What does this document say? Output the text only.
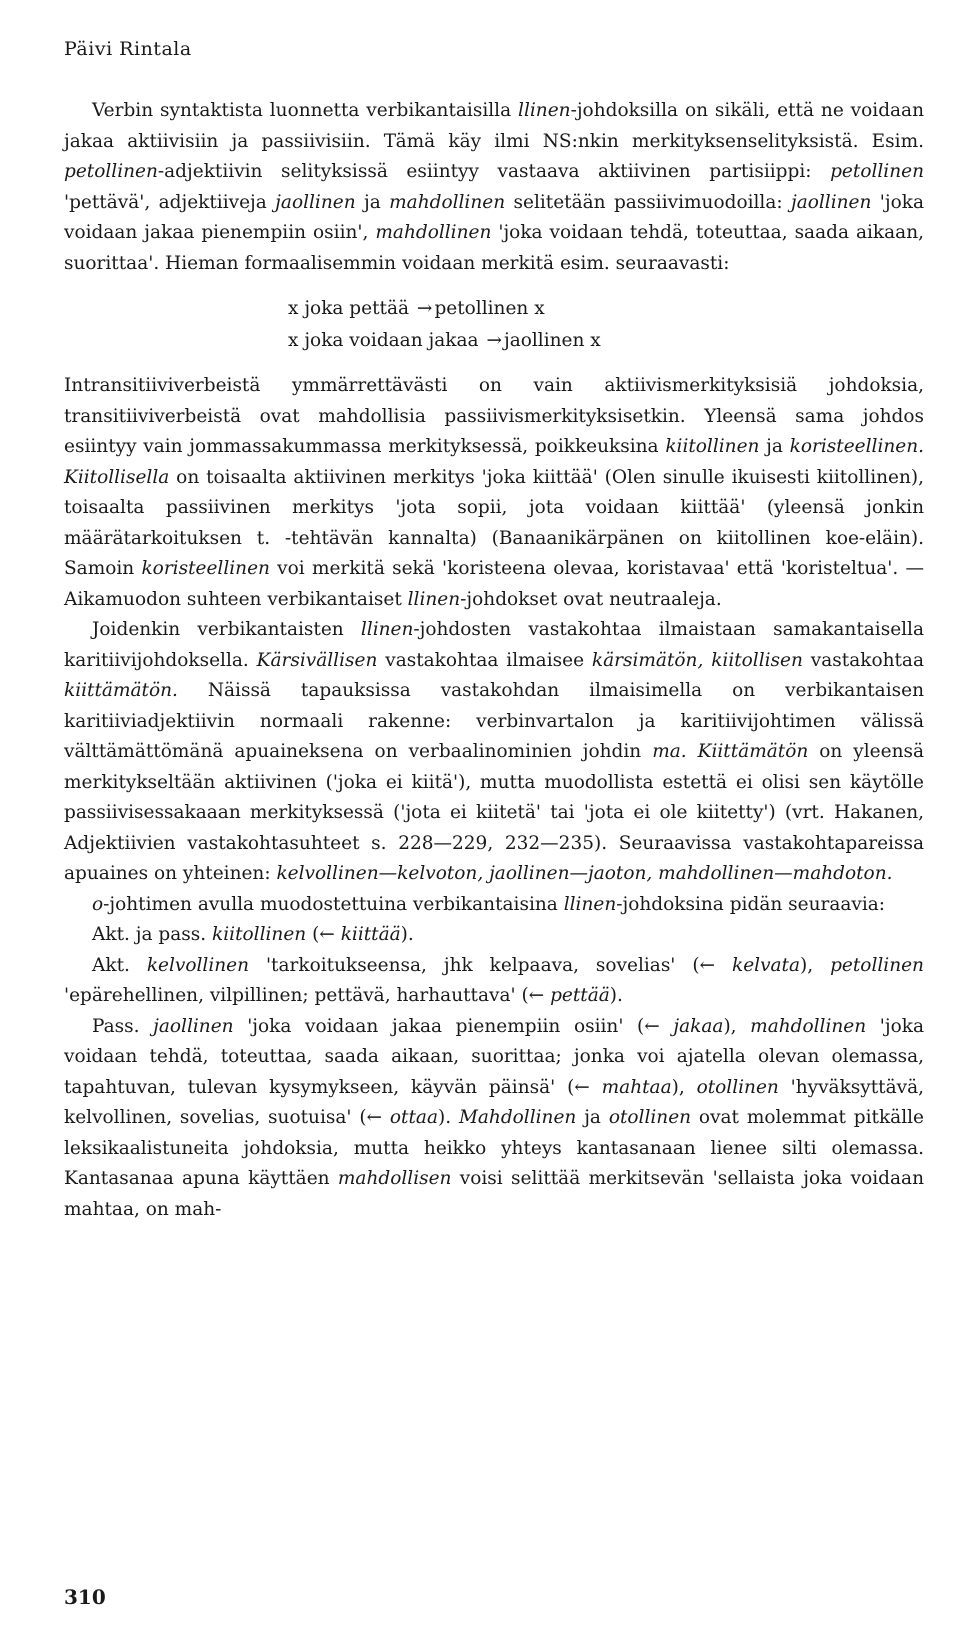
Päivi Rintala

Verbin syntaktista luonnetta verbikantaisilla llinen-johdoksilla on sikäli, että ne voidaan jakaa aktiivisiin ja passiivisiin. Tämä käy ilmi NS:nkin merkityksenselityksistä. Esim. petollinen-adjektiivin selityksissä esiintyy vastaava aktiivinen partisiippi: petollinen 'pettävä', adjektiiveja jaollinen ja mahdollinen selitetään passiivimuodoilla: jaollinen 'joka voidaan jakaa pienempiin osiin', mahdollinen 'joka voidaan tehdä, toteuttaa, saada aikaan, suorittaa'. Hieman formaalisemmin voidaan merkitä esim. seuraavasti:

x joka pettää → petollinen x
x joka voidaan jakaa → jaollinen x

Intransitiiviverbeistä ymmärrettävästi on vain aktiivismerkityksisiä johdoksia, transitiiviverbeistä ovat mahdollisia passiivismerkityksisetkin. Yleensä sama johdos esiintyy vain jommassakummassa merkityksessä, poikkeuksina kiitollinen ja koristeellinen. Kiitollisella on toisaalta aktiivinen merkitys 'joka kiittää' (Olen sinulle ikuisesti kiitollinen), toisaalta passiivinen merkitys 'jota sopii, jota voidaan kiittää' (yleensä jonkin määrätarkoituksen t. -tehtävän kannalta) (Banaanikärpänen on kiitollinen koe-eläin). Samoin koristeellinen voi merkitä sekä 'koristeena olevaa, koristavaa' että 'koristeltua'. — Aikamuodon suhteen verbikantaiset llinen-johdokset ovat neutraaleja.

Joidenkin verbikantaisten llinen-johdosten vastakohtaa ilmaistaan samakantaisella karitiivijohdoksella. Kärsivällisen vastakohtaa ilmaisee kärsimätön, kiitollisen vastakohtaa kiittämätön. Näissä tapauksissa vastakohdan ilmaisimella on verbikantaisen karitiiviadjektiivin normaali rakenne: verbinvartalon ja karitiivijohtimen välissä välttämättömänä apuaineksena on verbaalinominien johdin ma. Kiittämätön on yleensä merkitykseltään aktiivinen ('joka ei kiitä'), mutta muodollista estettä ei olisi sen käytölle passiivisessakaaan merkityksessä ('jota ei kiitetä' tai 'jota ei ole kiitetty') (vrt. Hakanen, Adjektiivien vastakohtasuhteet s. 228—229, 232—235). Seuraavissa vastakohtapareissa apuaines on yhteinen: kelvollinen—kelvoton, jaollinen—jaoton, mahdollinen—mahdoton.

o-johtimen avulla muodostettuina verbikantaisina llinen-johdoksina pidän seuraavia:

Akt. ja pass. kiitollinen (← kiittää).

Akt. kelvollinen 'tarkoitukseensa, jhk kelpaava, sovelias' (← kelvata), petollinen 'epärehellinen, vilpillinen; pettävä, harhauttava' (← pettää).

Pass. jaollinen 'joka voidaan jakaa pienempiin osiin' (← jakaa), mahdollinen 'joka voidaan tehdä, toteuttaa, saada aikaan, suorittaa; jonka voi ajatella olevan olemassa, tapahtuvan, tulevan kysymykseen, käyvän päinsä' (← mahtaa), otollinen 'hyväksyttävä, kelvollinen, sovelias, suotuisa' (← ottaa). Mahdollinen ja otollinen ovat molemmat pitkälle leksikaalistuneita johdoksia, mutta heikko yhteys kantasanaan lienee silti olemassa. Kantasanaa apuna käyttäen mahdollisen voisi selittää merkitsevän 'sellaista joka voidaan mahtaa, on mah-

310
